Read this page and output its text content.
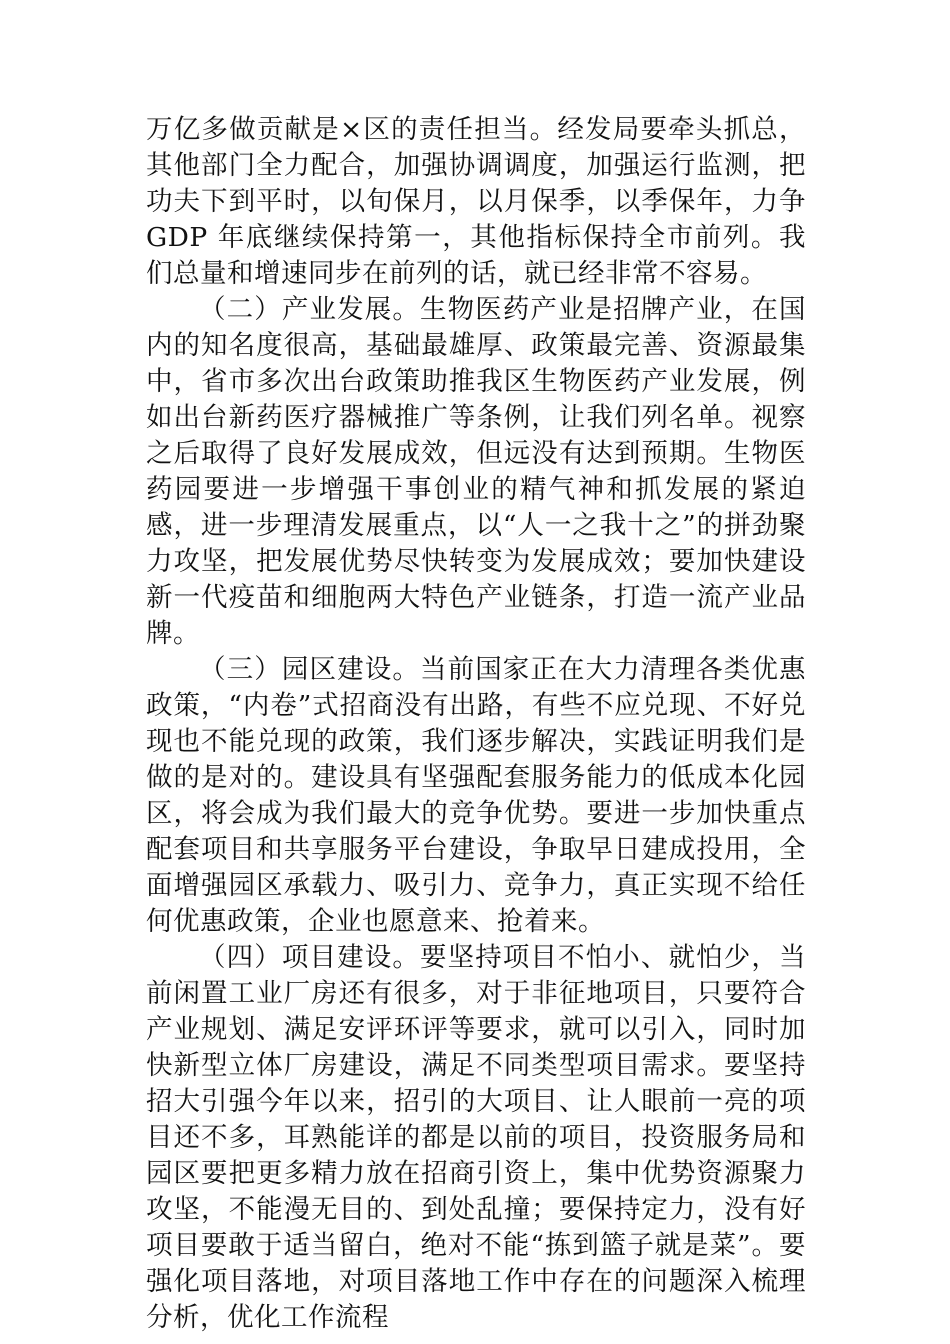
万亿多做贡献是×区的责任担当。经发局要牵头抓总，其他部门全力配合，加强协调调度，加强运行监测，把功夫下到平时，以旬保月，以月保季，以季保年，力争 GDP 年底继续保持第一，其他指标保持全市前列。我们总量和增速同步在前列的话，就已经非常不容易。

（二）产业发展。生物医药产业是招牌产业，在国内的知名度很高，基础最雄厚、政策最完善、资源最集中，省市多次出台政策助推我区生物医药产业发展，例如出台新药医疗器械推广等条例，让我们列名单。视察之后取得了良好发展成效，但远没有达到预期。生物医药园要进一步增强干事创业的精气神和抓发展的紧迫感，进一步理清发展重点，以“人一之我十之”的拼劲聚力攻坚，把发展优势尽快转变为发展成效；要加快建设新一代疫苗和细胞两大特色产业链条，打造一流产业品牌。

（三）园区建设。当前国家正在大力清理各类优惠政策，“内卷”式招商没有出路，有些不应兑现、不好兑现也不能兑现的政策，我们逐步解决，实践证明我们是做的是对的。建设具有坚强配套服务能力的低成本化园区，将会成为我们最大的竞争优势。要进一步加快重点配套项目和共享服务平台建设，争取早日建成投用，全面增强园区承载力、吸引力、竞争力，真正实现不给任何优惠政策，企业也愿意来、抢着来。

（四）项目建设。要坚持项目不怕小、就怕少，当前闲置工业厂房还有很多，对于非征地项目，只要符合产业规划、满足安评环评等要求，就可以引入，同时加快新型立体厂房建设，满足不同类型项目需求。要坚持招大引强今年以来，招引的大项目、让人眼前一亮的项目还不多，耳熟能详的都是以前的项目，投资服务局和园区要把更多精力放在招商引资上，集中优势资源聚力攻坚，不能漫无目的、到处乱撞；要保持定力，没有好项目要敢于适当留白，绝对不能“拣到篮子就是菜”。要强化项目落地，对项目落地工作中存在的问题深入梳理分析，优化工作流程
